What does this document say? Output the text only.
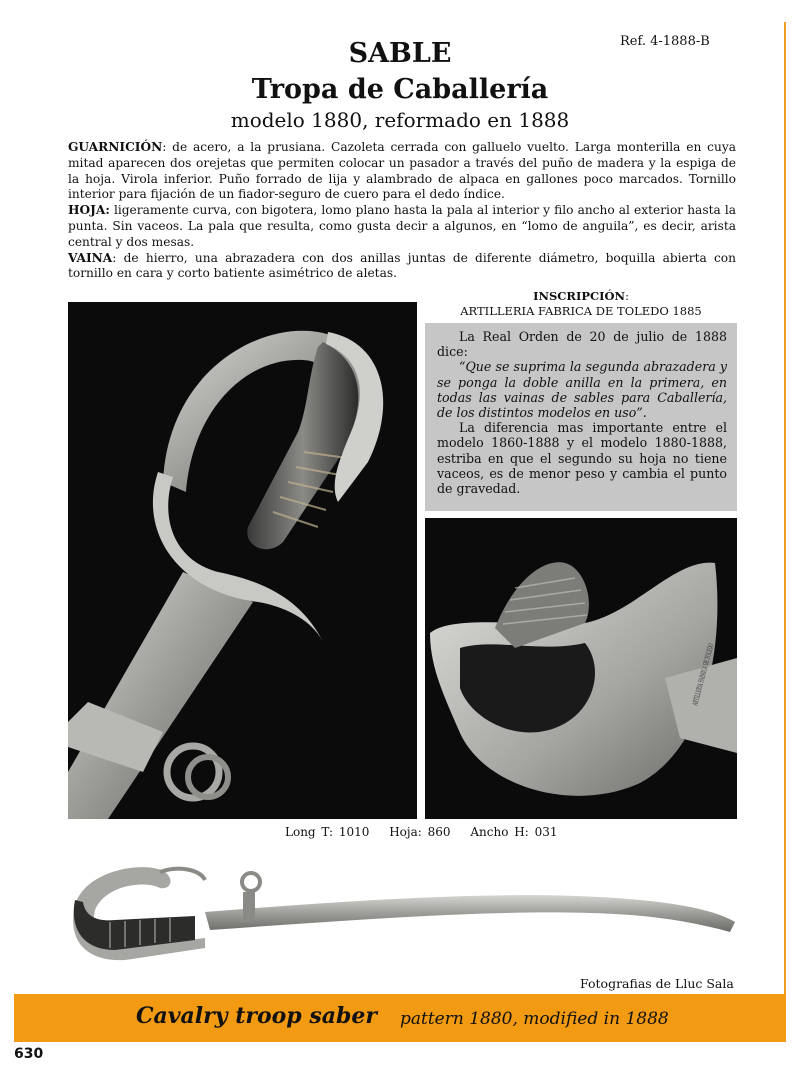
Ref. 4-1888-B
SABLE
Tropa de Caballería
modelo 1880, reformado en 1888
GUARNICIÓN: de acero, a la prusiana. Cazoleta cerrada con galluelo vuelto. Larga monterilla en cuya mitad aparecen dos orejetas que permiten colocar un pasador a través del puño de madera y la espiga de la hoja. Virola inferior. Puño forrado de lija y alambrado de alpaca en gallones poco marcados. Tornillo interior para fijación de un fiador-seguro de cuero para el dedo índice.
HOJA: ligeramente curva, con bigotera, lomo plano hasta la pala al interior y filo ancho al exterior hasta la punta. Sin vaceos. La pala que resulta, como gusta decir a algunos, en “lomo de anguila”, es decir, arista central y dos mesas.
VAINA: de hierro, una abrazadera con dos anillas juntas de diferente diámetro, boquilla abierta con tornillo en cara y corto batiente asimétrico de aletas.
INSCRIPCIÓN:
ARTILLERIA FABRICA DE TOLEDO 1885

La Real Orden de 20 de julio de 1888 dice:

“Que se suprima la segunda abrazadera y se ponga la doble anilla en la primera, en todas las vainas de sables para Caballería, de los distintos modelos en uso”.

La diferencia mas importante entre el modelo 1860-1888 y el modelo 1880-1888, estriba en que el segundo su hoja no tiene vaceos, es de menor peso y cambia el punto de gravedad.

ARTILLERIA FABRICA DE TOLEDO
Long T: 1010 Hoja: 860 Ancho H: 031
Fotografias de Lluc Sala
Cavalry troop saber pattern 1880, modified in 1888
630
